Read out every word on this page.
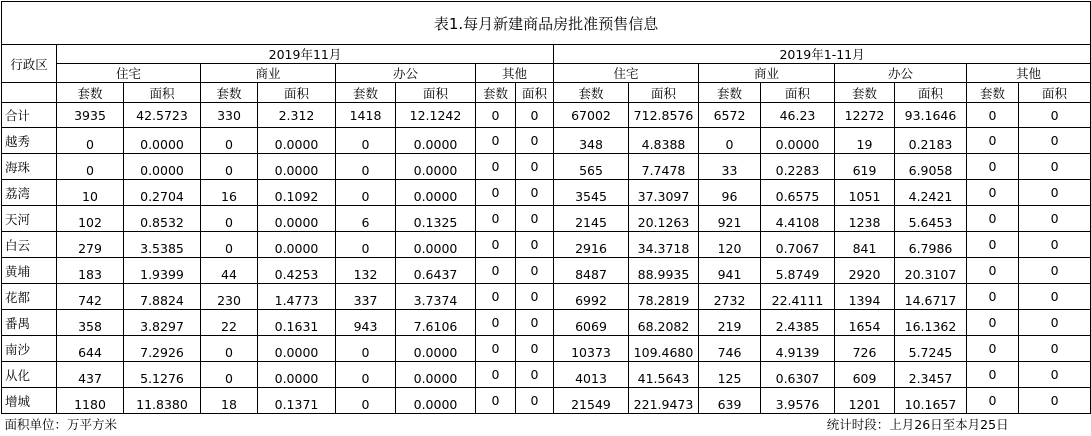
表1.每月新建商品房批准预售信息																
行政区	2019年11月								2019年1-11月							
	住宅		商业		办公		其他		住宅		商业		办公		其他	
	套数	面积	套数	面积	套数	面积	套数	面积	套数	面积	套数	面积	套数	面积	套数	面积
合计	3935	42.5723	330	2.312	1418	12.1242	0	0	67002	712.8576	6572	46.23	12272	93.1646	0	0
越秀	0	0.0000	0	0.0000	0	0.0000	0	0	348	4.8388	0	0.0000	19	0.2183	0	0
海珠	0	0.0000	0	0.0000	0	0.0000	0	0	565	7.7478	33	0.2283	619	6.9058	0	0
荔湾	10	0.2704	16	0.1092	0	0.0000	0	0	3545	37.3097	96	0.6575	1051	4.2421	0	0
天河	102	0.8532	0	0.0000	6	0.1325	0	0	2145	20.1263	921	4.4108	1238	5.6453	0	0
白云	279	3.5385	0	0.0000	0	0.0000	0	0	2916	34.3718	120	0.7067	841	6.7986	0	0
黄埔	183	1.9399	44	0.4253	132	0.6437	0	0	8487	88.9935	941	5.8749	2920	20.3107	0	0
花都	742	7.8824	230	1.4773	337	3.7374	0	0	6992	78.2819	2732	22.4111	1394	14.6717	0	0
番禺	358	3.8297	22	0.1631	943	7.6106	0	0	6069	68.2082	219	2.4385	1654	16.1362	0	0
南沙	644	7.2926	0	0.0000	0	0.0000	0	0	10373	109.4680	746	4.9139	726	5.7245	0	0
从化	437	5.1276	0	0.0000	0	0.0000	0	0	4013	41.5643	125	0.6307	609	2.3457	0	0
增城	1180	11.8380	18	0.1371	0	0.0000	0	0	21549	221.9473	639	3.9576	1201	10.1657	0	0
面积单位：万平方米						统计时段：上月26日至本月25日										
